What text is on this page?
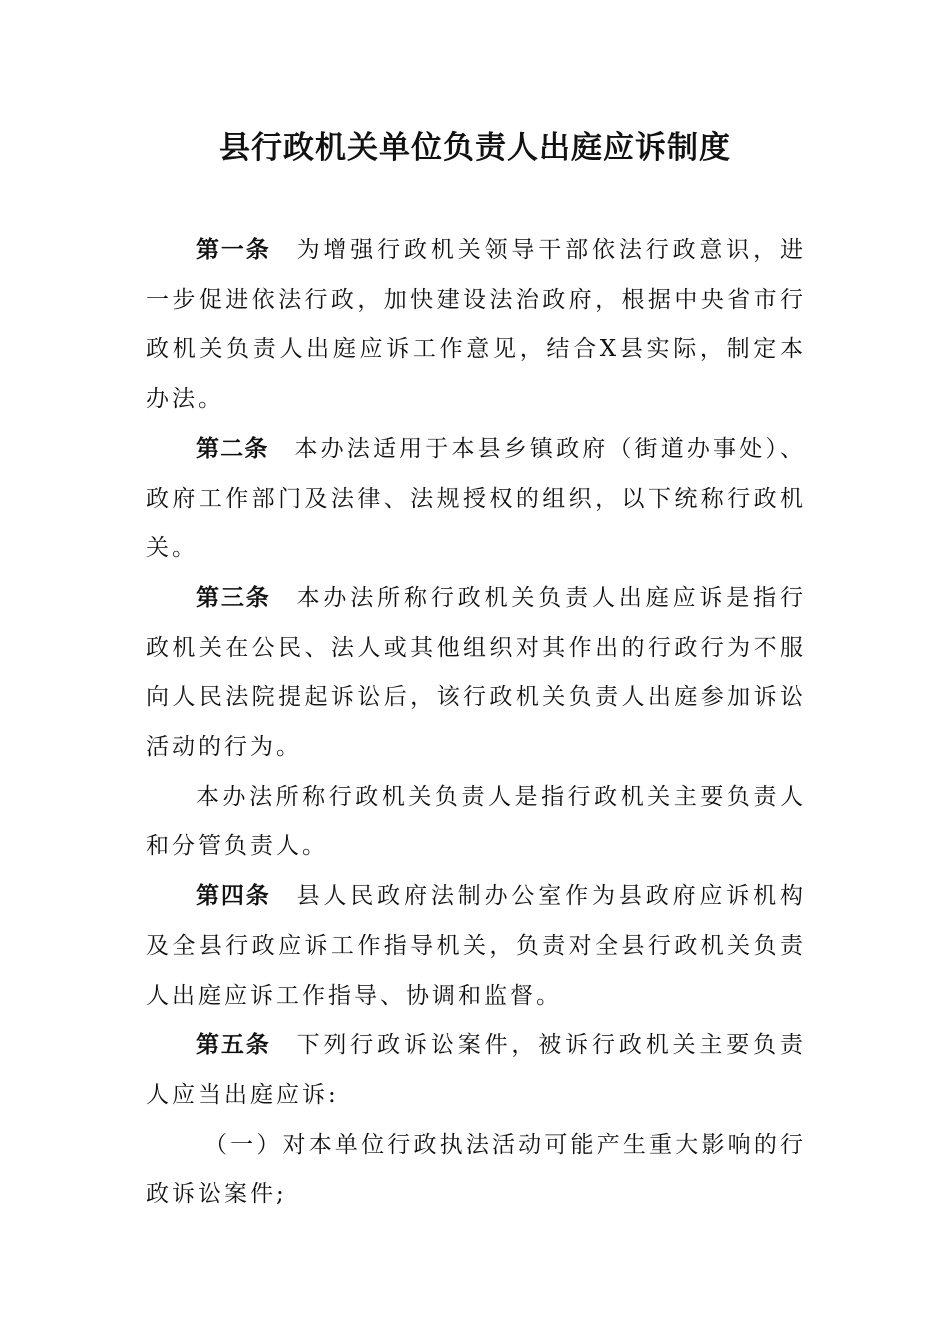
县行政机关单位负责人出庭应诉制度

第一条 为增强行政机关领导干部依法行政意识，进一步促进依法行政，加快建设法治政府，根据中央省市行政机关负责人出庭应诉工作意见，结合X县实际，制定本办法。

第二条 本办法适用于本县乡镇政府（街道办事处）、政府工作部门及法律、法规授权的组织，以下统称行政机关。

第三条 本办法所称行政机关负责人出庭应诉是指行政机关在公民、法人或其他组织对其作出的行政行为不服向人民法院提起诉讼后，该行政机关负责人出庭参加诉讼活动的行为。

本办法所称行政机关负责人是指行政机关主要负责人和分管负责人。

第四条 县人民政府法制办公室作为县政府应诉机构及全县行政应诉工作指导机关，负责对全县行政机关负责人出庭应诉工作指导、协调和监督。

第五条 下列行政诉讼案件，被诉行政机关主要负责人应当出庭应诉:

（一）对本单位行政执法活动可能产生重大影响的行政诉讼案件;
